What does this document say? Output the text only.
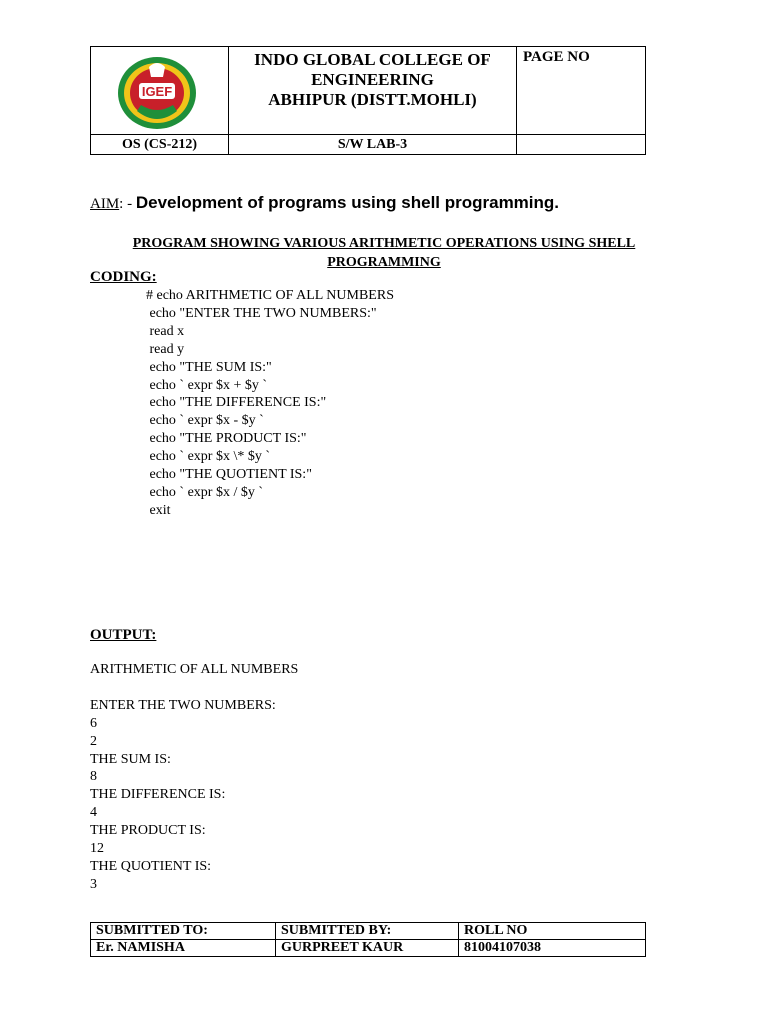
IGEF	INDO GLOBAL COLLEGE OF
ENGINEERING
ABHIPUR (DISTT.MOHLI)	PAGE NO
OS (CS-212)	S/W LAB-3	
AIM: - Development of programs using shell programming.
PROGRAM SHOWING VARIOUS ARITHMETIC OPERATIONS USING SHELL
PROGRAMMING
CODING:
# echo ARITHMETIC OF ALL NUMBERS
echo "ENTER THE TWO NUMBERS:"
read x
read y
echo "THE SUM IS:"
echo ` expr $x + $y `
echo "THE DIFFERENCE IS:"
echo ` expr $x - $y `
echo "THE PRODUCT IS:"
echo ` expr $x \* $y `
echo "THE QUOTIENT IS:"
echo ` expr $x / $y `
exit
OUTPUT:
ARITHMETIC OF ALL NUMBERS
ENTER THE TWO NUMBERS:
6
2
THE SUM IS:
8
THE DIFFERENCE IS:
4
THE PRODUCT IS:
12
THE QUOTIENT IS:
3
SUBMITTED TO:	SUBMITTED BY:	ROLL NO
Er. NAMISHA	GURPREET KAUR	81004107038
